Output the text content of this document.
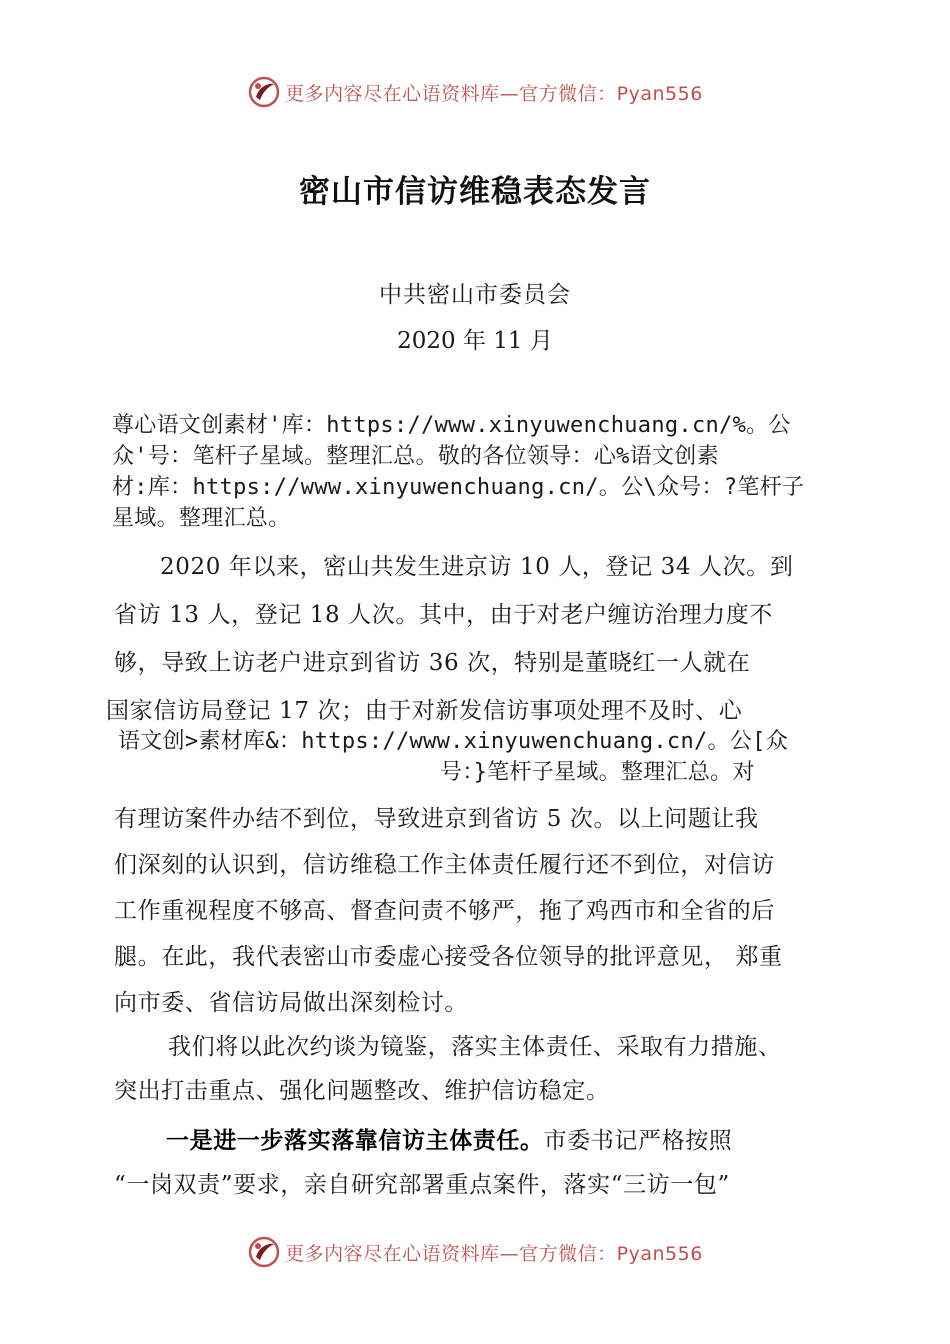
更多内容尽在心语资料库—官方微信：Pyan556
密山市信访维稳表态发言
中共密山市委员会
2020 年 11 月
尊心语文创素材'库：https://www.xinyuwenchuang.cn/%。公
众'号：笔杆子星域。整理汇总。敬的各位领导：心%语文创素
材:库：https://www.xinyuwenchuang.cn/。公\众号：?笔杆子
星域。整理汇总。
2020 年以来，密山共发生进京访 10 人，登记 34 人次。到
省访 13 人，登记 18 人次。其中，由于对老户缠访治理力度不
够，导致上访老户进京到省访 36 次，特别是董晓红一人就在
国家信访局登记 17 次；由于对新发信访事项处理不及时、心
语文创>素材库&：https://www.xinyuwenchuang.cn/。公[众
号：}笔杆子星域。整理汇总。对
有理访案件办结不到位，导致进京到省访 5 次。以上问题让我
们深刻的认识到，信访维稳工作主体责任履行还不到位，对信访
工作重视程度不够高、督查问责不够严，拖了鸡西市和全省的后
腿。在此，我代表密山市委虚心接受各位领导的批评意见， 郑重
向市委、省信访局做出深刻检讨。
我们将以此次约谈为镜鉴，落实主体责任、采取有力措施、
突出打击重点、强化问题整改、维护信访稳定。
一是进一步落实落靠信访主体责任。市委书记严格按照
“一岗双责”要求，亲自研究部署重点案件，落实“三访一包”
更多内容尽在心语资料库—官方微信：Pyan556
